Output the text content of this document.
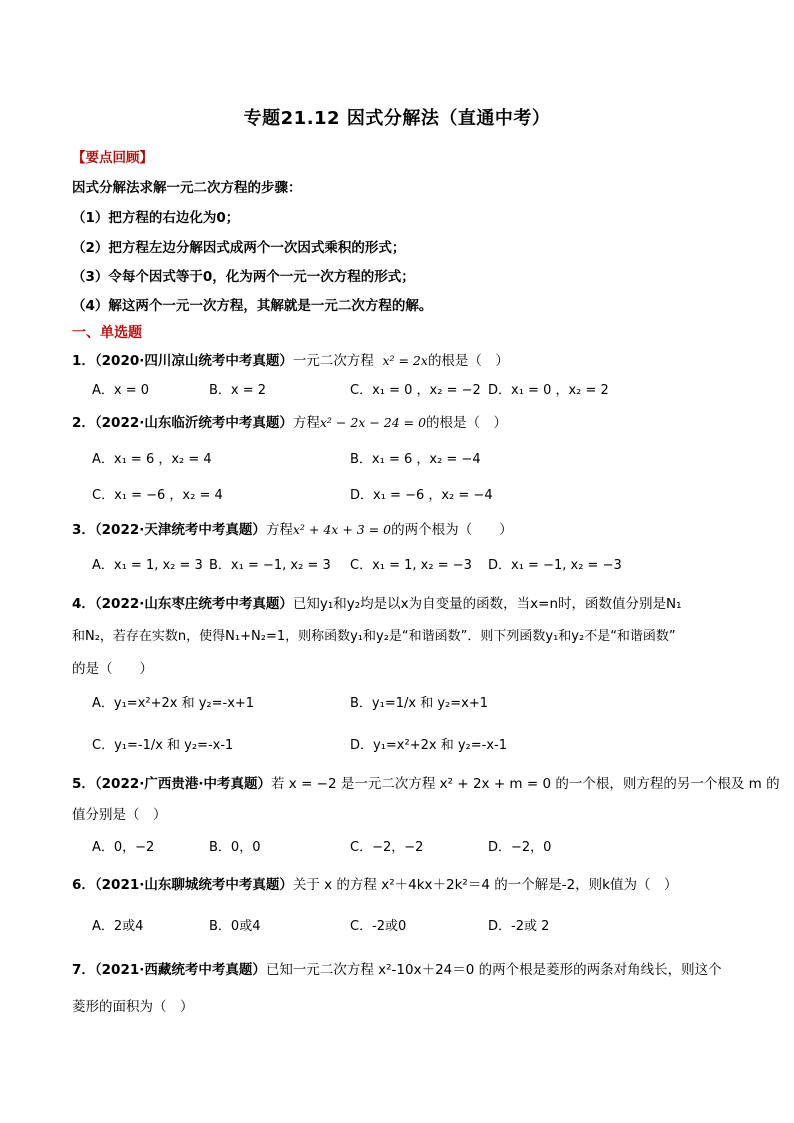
专题21.12 因式分解法（直通中考）
【要点回顾】
因式分解法求解一元二次方程的步骤：
（1）把方程的右边化为0；
（2）把方程左边分解因式成两个一次因式乘积的形式；
（3）令每个因式等于0，化为两个一元一次方程的形式；
（4）解这两个一元一次方程，其解就是一元二次方程的解。
一、单选题
1．（2020·四川凉山统考中考真题）一元二次方程 x² = 2x的根是（　）
A．x = 0	B．x = 2	C．x₁ = 0 ，x₂ = −2 D．x₁ = 0 ，x₂ = 2
2．（2022·山东临沂统考中考真题）方程x² − 2x − 24 = 0的根是（　）
A．x₁ = 6 ，x₂ = 4	B．x₁ = 6 ，x₂ = −4
C．x₁ = −6 ，x₂ = 4	D．x₁ = −6 ，x₂ = −4
3．（2022·天津统考中考真题）方程x² + 4x + 3 = 0的两个根为（　　）
A．x₁ = 1, x₂ = 3 B．x₁ = −1, x₂ = 3 C．x₁ = 1, x₂ = −3 D．x₁ = −1, x₂ = −3
4．（2022·山东枣庄统考中考真题）已知y₁和y₂均是以x为自变量的函数，当x=n时，函数值分别是N₁
和N₂，若存在实数n，使得N₁+N₂=1，则称函数y₁和y₂是“和谐函数”．则下列函数y₁和y₂不是“和谐函数”
的是（　　）
A．y₁=x²+2x 和 y₂=-x+1	B．y₁=1/x 和 y₂=x+1
C．y₁=-1/x 和 y₂=-x-1	D．y₁=x²+2x 和 y₂=-x-1
5．（2022·广西贵港·中考真题）若 x = −2 是一元二次方程 x² + 2x + m = 0 的一个根，则方程的另一个根及 m 的
值分别是（　）
A．0，−2	B．0，0	C．−2，−2	D．−2，0
6．（2021·山东聊城统考中考真题）关于 x 的方程 x²＋4kx＋2k²＝4 的一个解是-2，则k值为（　）
A．2或4	B．0或4	C．-2或0	D．-2或 2
7．（2021·西藏统考中考真题）已知一元二次方程 x²-10x＋24＝0 的两个根是菱形的两条对角线长，则这个
菱形的面积为（　）
